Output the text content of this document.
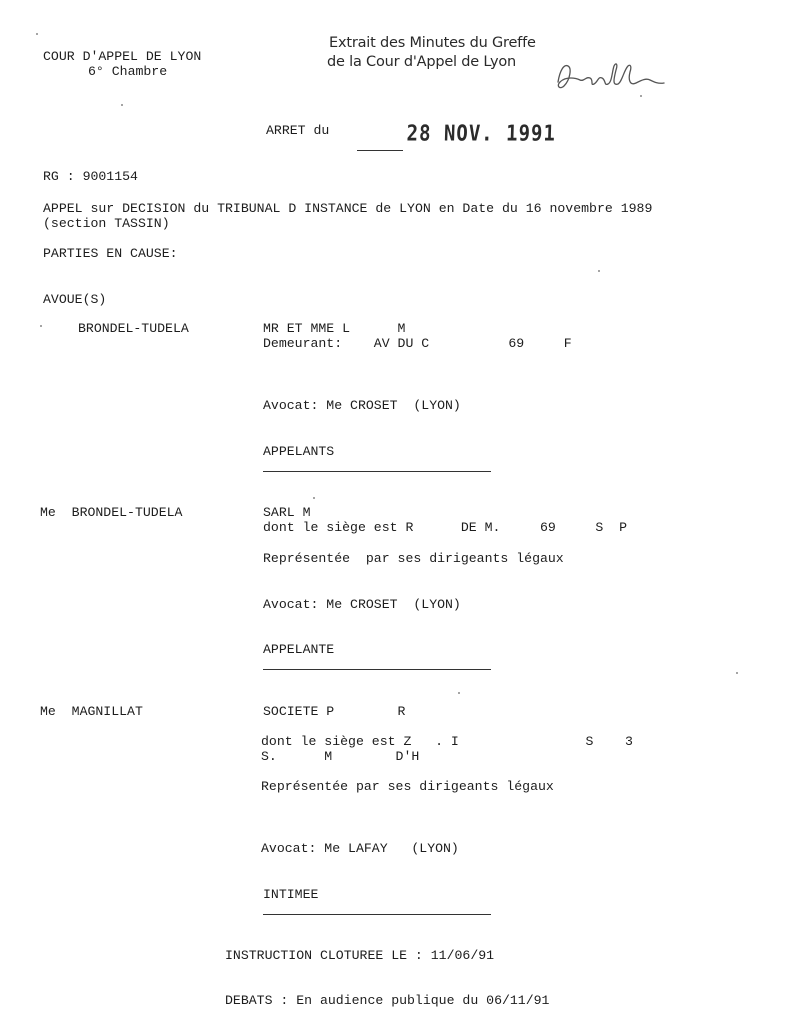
COUR D'APPEL DE LYON
6° Chambre
Extrait des Minutes du Greffe
de la Cour d'Appel de Lyon
ARRET du	28 NOV. 1991
RG : 9001154
APPEL sur DECISION du TRIBUNAL D INSTANCE de LYON en Date du 16 novembre 1989
(section TASSIN)
PARTIES EN CAUSE:
AVOUE(S)
BRONDEL-TUDELA	MR ET MME L      M
Demeurant:    AV DU C          69     F
Avocat: Me CROSET  (LYON)
APPELANTS
Me  BRONDEL-TUDELA	SARL M
dont le siège est R      DE M.     69     S  P
Représentée  par ses dirigeants légaux
Avocat: Me CROSET  (LYON)
APPELANTE
Me  MAGNILLAT	SOCIETE P        R
dont le siège est Z   . I                S    3
S.      M        D'H
Représentée par ses dirigeants légaux
Avocat: Me LAFAY   (LYON)
INTIMEE
INSTRUCTION CLOTUREE LE : 11/06/91
DEBATS : En audience publique du 06/11/91
